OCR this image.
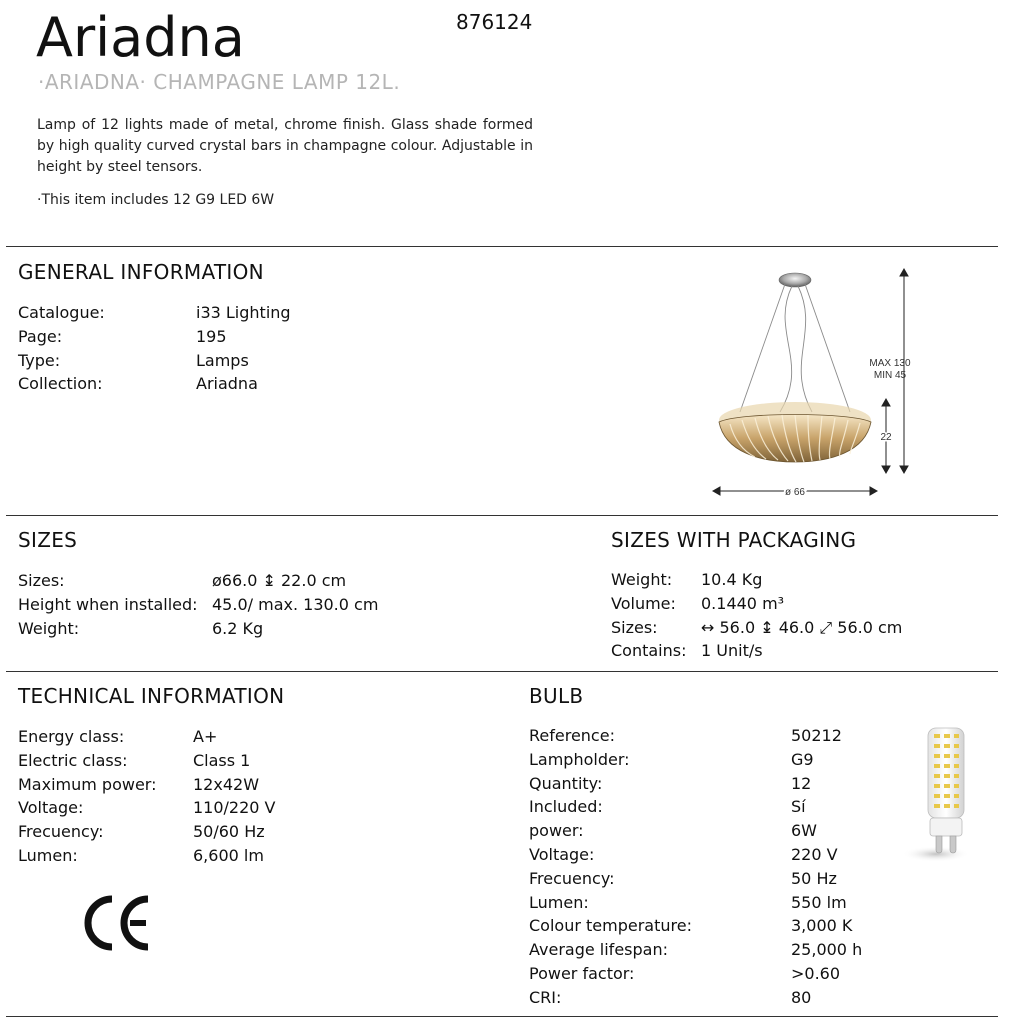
Ariadna	876124
·ARIADNA· CHAMPAGNE LAMP 12L.
Lamp of 12 lights made of metal, chrome finish. Glass shade formed by high quality curved crystal bars in champagne colour. Adjustable in height by steel tensors.
·This item includes 12 G9 LED 6W
GENERAL INFORMATION
Catalogue:	i33 Lighting
Page:	195
Type:	Lamps
Collection:	Ariadna
MAX 130
MIN 45
22
ø 66
SIZES
Sizes:	ø66.0 ↨ 22.0 cm
Height when installed: 45.0/ max. 130.0 cm
Weight:	6.2 Kg
SIZES WITH PACKAGING
Weight:	10.4 Kg
Volume:	0.1440 m³
Sizes:	↔ 56.0 ↨ 46.0 ⤢ 56.0 cm
Contains: 1 Unit/s
TECHNICAL INFORMATION
Energy class:	A+
Electric class:	Class 1
Maximum power:	12x42W
Voltage:	110/220 V
Frecuency:	50/60 Hz
Lumen:	6,600 lm
BULB
Reference:	50212
Lampholder:	G9
Quantity:	12
Included:	Sí
power:	6W
Voltage:	220 V
Frecuency:	50 Hz
Lumen:	550 lm
Colour temperature:	3,000 K
Average lifespan:	25,000 h
Power factor:	>0.60
CRI:	80
